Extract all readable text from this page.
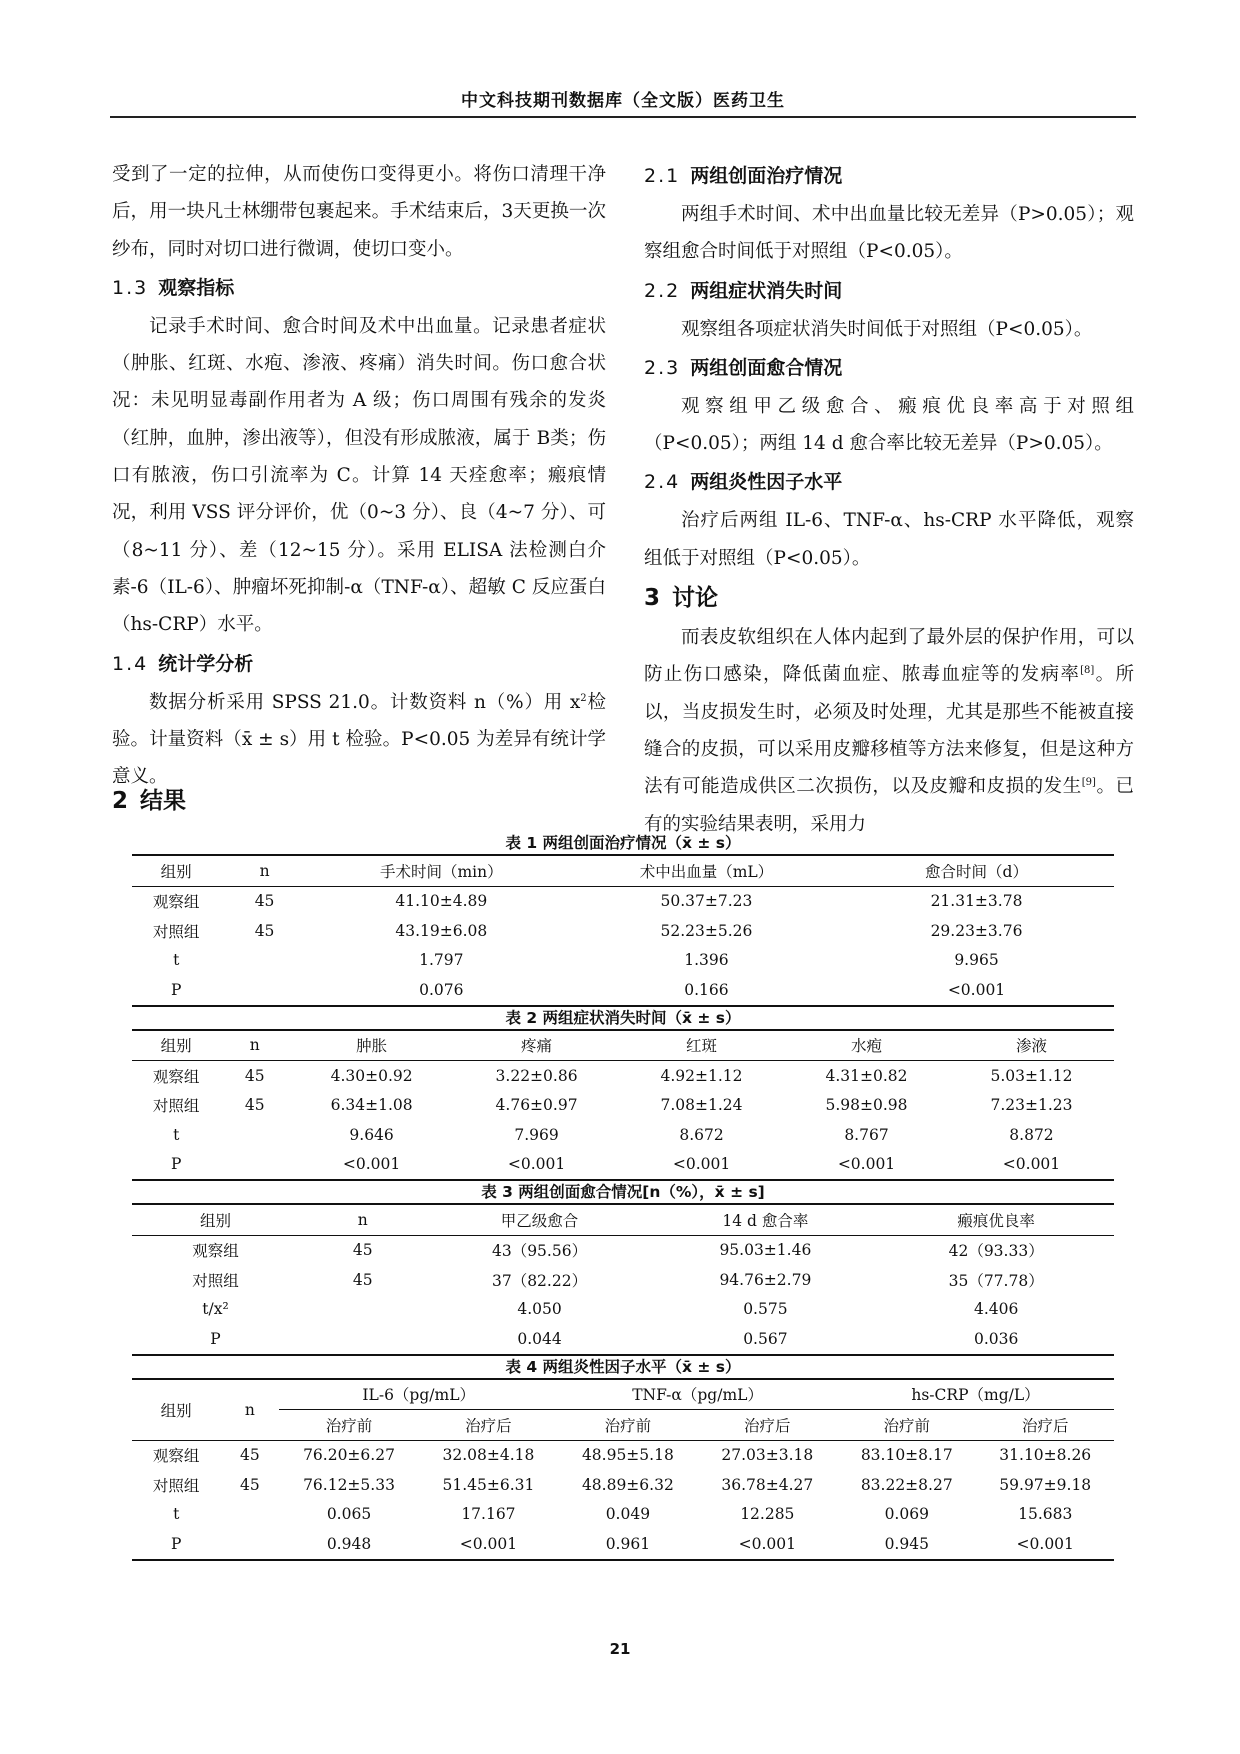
中文科技期刊数据库（全文版）医药卫生

受到了一定的拉伸，从而使伤口变得更小。将伤口清理干净后，用一块凡士林绷带包裹起来。手术结束后，3天更换一次纱布，同时对切口进行微调，使切口变小。

1.3 观察指标

记录手术时间、愈合时间及术中出血量。记录患者症状（肿胀、红斑、水疱、渗液、疼痛）消失时间。伤口愈合状况：未见明显毒副作用者为 A 级；伤口周围有残余的发炎（红肿，血肿，渗出液等），但没有形成脓液，属于 B类；伤口有脓液，伤口引流率为 C。计算 14 天痊愈率；瘢痕情况，利用 VSS 评分评价，优（0~3 分）、良（4~7 分）、可（8~11 分）、差（12~15 分）。采用 ELISA 法检测白介素-6（IL-6）、肿瘤坏死抑制-α（TNF-α）、超敏 C 反应蛋白（hs-CRP）水平。

1.4 统计学分析

数据分析采用 SPSS 21.0。计数资料 n（%）用 $x^2$检验。计量资料（x̄ ± s）用 t 检验。P<0.05 为差异有统计学意义。

2 结果
2.1 两组创面治疗情况

两组手术时间、术中出血量比较无差异（P>0.05）；观察组愈合时间低于对照组（P<0.05）。

2.2 两组症状消失时间

观察组各项症状消失时间低于对照组（P<0.05）。

2.3 两组创面愈合情况

观察组甲乙级愈合、瘢痕优良率高于对照组（P<0.05）；两组 14 d 愈合率比较无差异（P>0.05）。

2.4 两组炎性因子水平

治疗后两组 IL-6、TNF-α、hs-CRP 水平降低，观察组低于对照组（P<0.05）。

3 讨论

而表皮软组织在人体内起到了最外层的保护作用，可以防止伤口感染，降低菌血症、脓毒血症等的发病率[8]。所以，当皮损发生时，必须及时处理，尤其是那些不能被直接缝合的皮损，可以采用皮瓣移植等方法来修复，但是这种方法有可能造成供区二次损伤，以及皮瓣和皮损的发生[9]。已有的实验结果表明，采用力

表 1 两组创面治疗情况（x̄ ± s）
组别	n	手术时间（min）	术中出血量（mL）	愈合时间（d）
观察组	45	41.10±4.89	50.37±7.23	21.31±3.78
对照组	45	43.19±6.08	52.23±5.26	29.23±3.76
t		1.797	1.396	9.965
P		0.076	0.166	<0.001
表 2 两组症状消失时间（x̄ ± s）
组别	n	肿胀	疼痛	红斑	水疱	渗液
观察组	45	4.30±0.92	3.22±0.86	4.92±1.12	4.31±0.82	5.03±1.12
对照组	45	6.34±1.08	4.76±0.97	7.08±1.24	5.98±0.98	7.23±1.23
t		9.646	7.969	8.672	8.767	8.872
P		<0.001	<0.001	<0.001	<0.001	<0.001
表 3 两组创面愈合情况[n（%），x̄ ± s]
组别	n	甲乙级愈合	14 d 愈合率	瘢痕优良率
观察组	45	43（95.56）	95.03±1.46	42（93.33）
对照组	45	37（82.22）	94.76±2.79	35（77.78）
t/x²		4.050	0.575	4.406
P		0.044	0.567	0.036
表 4 两组炎性因子水平（x̄ ± s）
组别	n	IL-6（pg/mL）		TNF-α（pg/mL）		hs-CRP（mg/L）	
		治疗前	治疗后	治疗前	治疗后	治疗前	治疗后
观察组	45	76.20±6.27	32.08±4.18	48.95±5.18	27.03±3.18	83.10±8.17	31.10±8.26
对照组	45	76.12±5.33	51.45±6.31	48.89±6.32	36.78±4.27	83.22±8.27	59.97±9.18
t		0.065	17.167	0.049	12.285	0.069	15.683
P		0.948	<0.001	0.961	<0.001	0.945	<0.001
21
